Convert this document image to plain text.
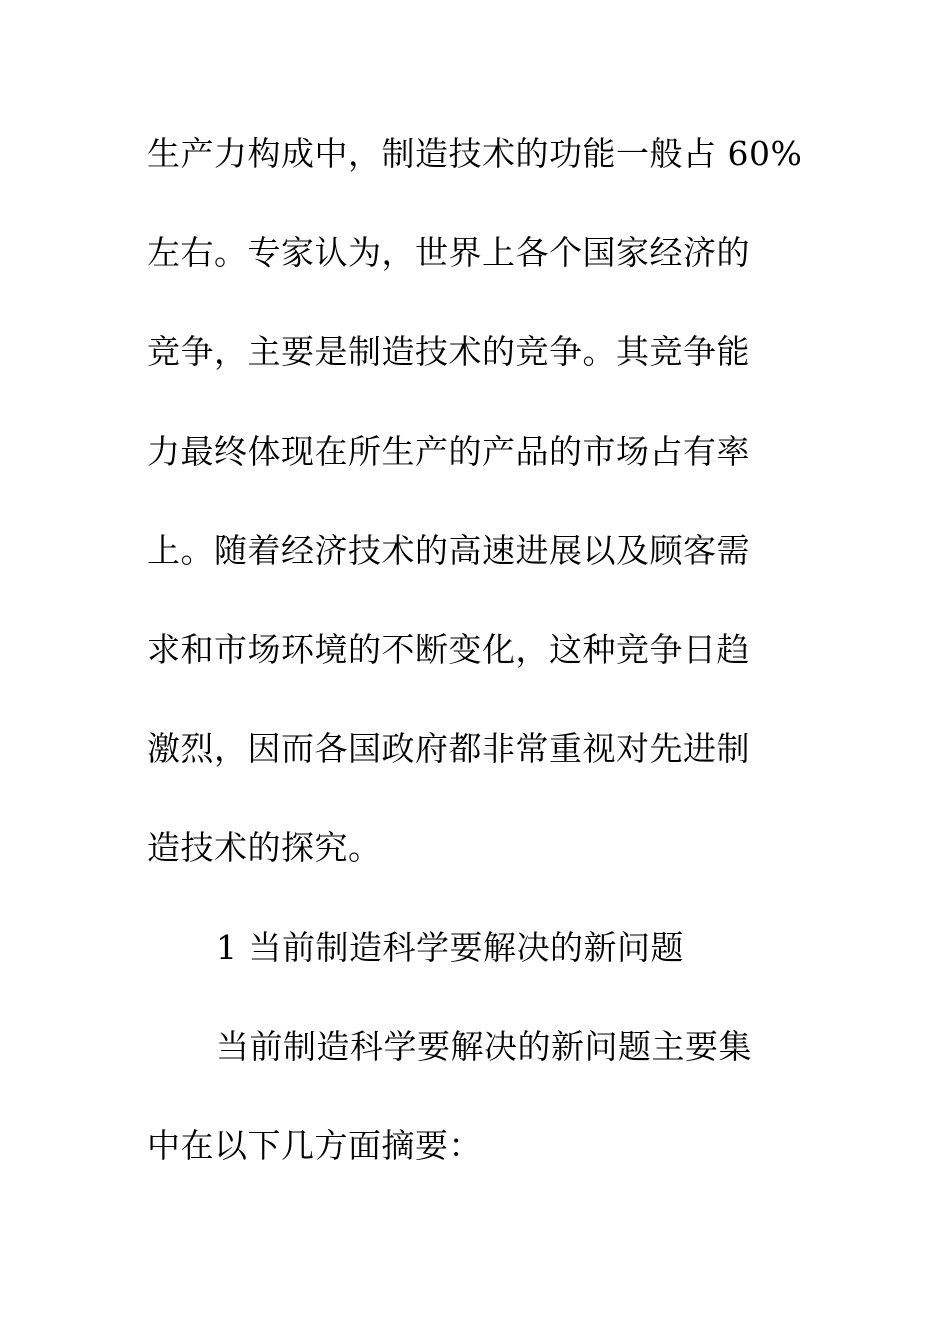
生产力构成中，制造技术的功能一般占 60%
左右。专家认为，世界上各个国家经济的
竞争，主要是制造技术的竞争。其竞争能
力最终体现在所生产的产品的市场占有率
上。随着经济技术的高速进展以及顾客需
求和市场环境的不断变化，这种竞争日趋
激烈，因而各国政府都非常重视对先进制
造技术的探究。
1 当前制造科学要解决的新问题
当前制造科学要解决的新问题主要集
中在以下几方面摘要：
